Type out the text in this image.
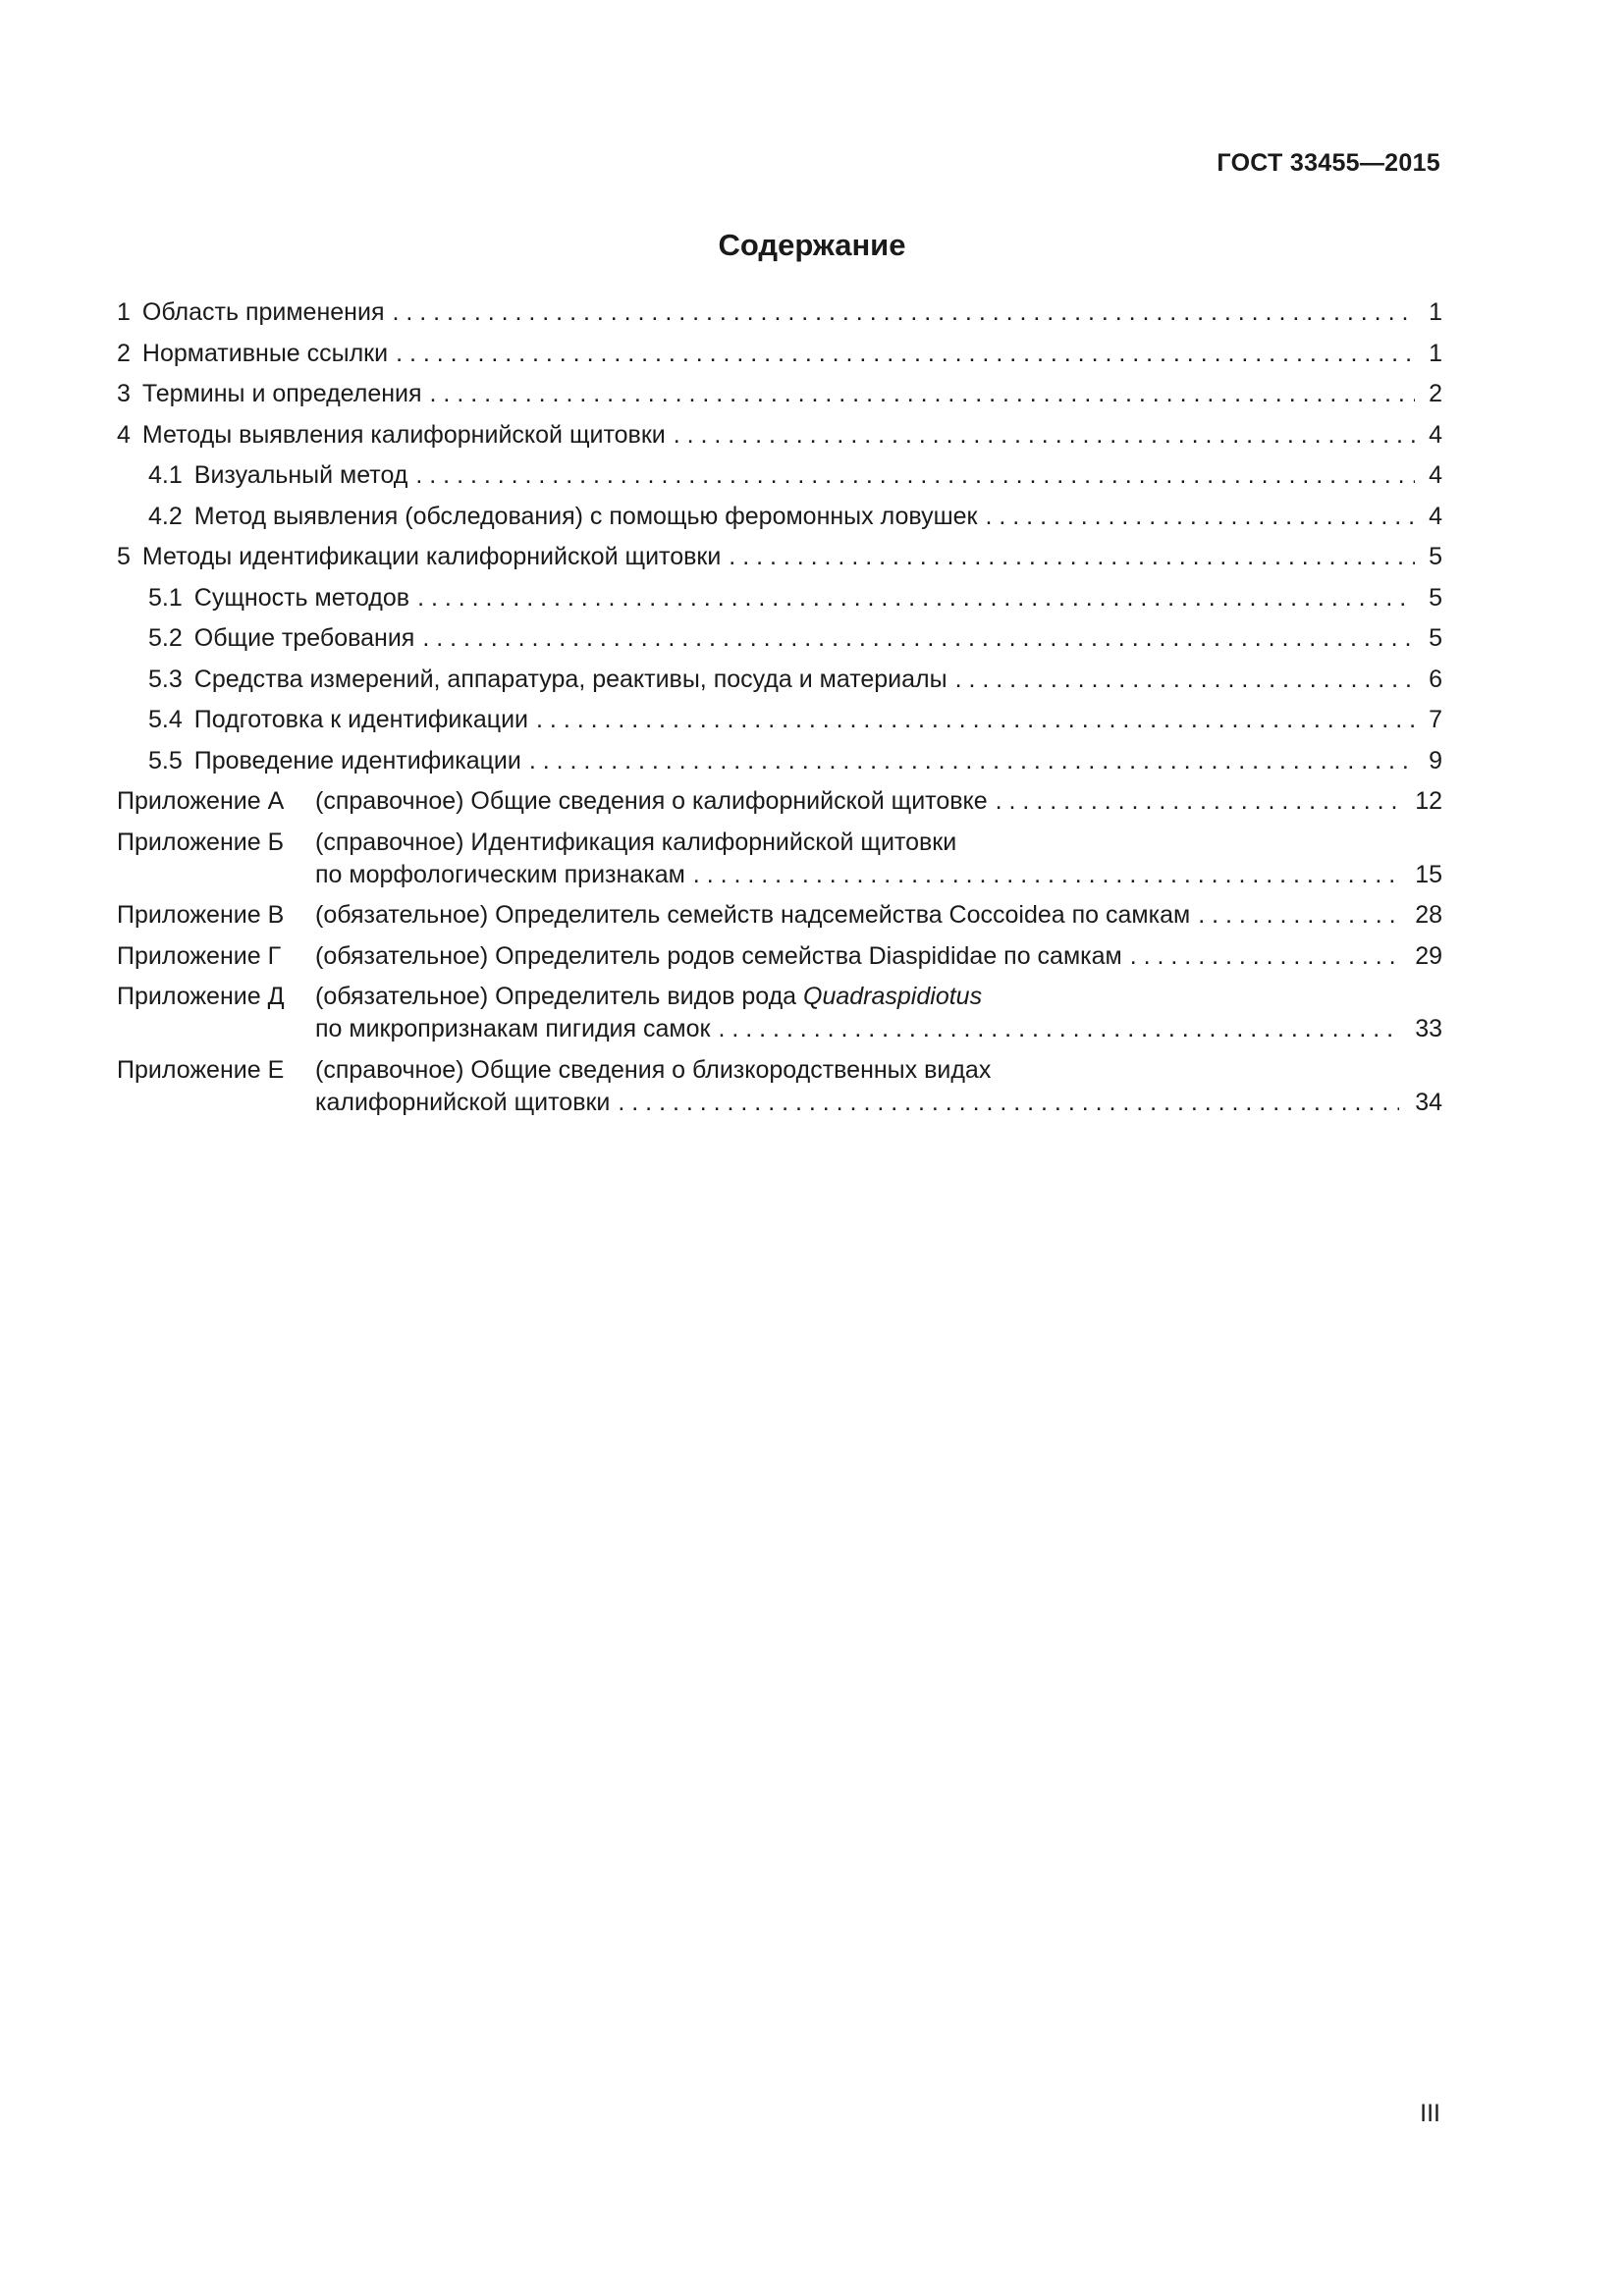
ГОСТ 33455—2015
Содержание
1 Область применения . . .	1
2 Нормативные ссылки . . .	1
3 Термины и определения . . .	2
4 Методы выявления калифорнийской щитовки . . .	4
4.1 Визуальный метод . . .	4
4.2 Метод выявления (обследования) с помощью феромонных ловушек . . .	4
5 Методы идентификации калифорнийской щитовки . . .	5
5.1 Сущность методов . . .	5
5.2 Общие требования . . .	5
5.3 Средства измерений, аппаратура, реактивы, посуда и материалы . . .	6
5.4 Подготовка к идентификации . . .	7
5.5 Проведение идентификации . . .	9
Приложение А	(справочное) Общие сведения о калифорнийской щитовке . . .	12
Приложение Б	(справочное) Идентификация калифорнийской щитовки
по морфологическим признакам . . .	15
Приложение В	(обязательное) Определитель семейств надсемейства Coccoidea по самкам . . .	28
Приложение Г	(обязательное) Определитель родов семейства Diaspididae по самкам . . .	29
Приложение Д	(обязательное) Определитель видов рода Quadraspidiotus
по микропризнакам пигидия самок . . .	33
Приложение Е	(справочное) Общие сведения о близкородственных видах
калифорнийской щитовки . . .	34
III
